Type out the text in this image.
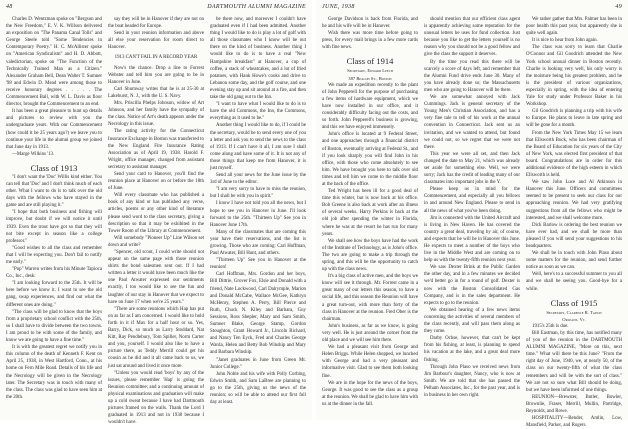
48	DARTMOUTH ALUMNI MAGAZINE

Charles D. Wentzman spoke on "Bergson and the New Freedom," E. V. K. Willson delivered an exposition on "The Panama Canal Tolls" and George Steele told "Some Tendencies in Contemporary Poetry." H. C. McAllister spoke on "American Syndicalism" and H. D. Abbott, valedictorian, spoke on "The Function of the Technically Trained Man as a Citizen." Alexander Graham Bell, Dean Walter T. Sumner '98 and Edwin D. Mead were among those to receive honorary degrees . . . . . The Commencement Ball, with W. L. Davis as floor director, brought the Commencement to an end.

It has been a great pleasure to hunt up details and pictures to review with you the undergraduate years. With our Commencement (how could it be 25 years ago?) we leave you to continue your life in the alumni group we joined that June day in 1913.

—Marge Wilkins '13.

Class of 1913

"I don't want the 'Doc' Willis kind either. You can tell that 'Doc' and I don't think much of each other. What I want to do is to talk over the old days with the fellows who have stayed in the game and are still playing it."

"I hope that both business and fishing will improve, but doubt if we will notice it until 1939. Even the trout have got so that they will not bite except in season like a college professor."

"Good wishes to all the class and remember that I will be expecting you. Don't fail to notify me early."

"Pop" Warren writes from his Minute Tapioca Co., Inc., desk:

"I am looking forward to the 25th. It will be here before we know it. I want to see the old gang, swap experiences, and find out what the different ones are doing."

"The class will be glad to know that the boys from a proprietary school conflict with the 25th, so I shall have to divide between the two towns. I am proud to be with some of the family, and know we are going to have a fine time."

It is with the greatest regret we notify you in this column of the death of Kenneth F. Kent on April 25, 1938, in West Hartford, Conn., at his home on Fern Mile Road. Details of his life and the Necrology will be given in the Necrology later. The Secretary was in touch with many of the class. The class was glad to have seen him at the 20th.

say they will be in Hanover if they are not on the boat headed for Europe.

Send in your reunion information and above all else your reservation for room direct to Hanover.

1913 CAN'T FAIL IN A RECORD YEAR

Now's the chance. Drop a line to Forrest Webster and tell him you are going to be in Hanover in June.

Carl Shumway writes that he is at 25-30 at Lakehurst, N. J., with the U. S. Navy.

Mrs. Priscilla Phelps Johnson, widow of Art Johnson, and her family have the sympathy of the class. Notice of Art's death appears under the Necrology in this issue.

The rating activity for the Connecticut Insurance Exchange in Boston was transferred to the New England Fire Insurance Rating Association as of April 19, 1938. Harold F. Wright, office manager, changed from assistant secretary to assistant manager.

Send your card to Hanover, you'll find the reunion place at Hanover on or before the 18th of June.

Will every classmate who has published a book of any kind or has published any verse, articles, poems or any other kind of literature please send word to the class secretary, giving a description so that it may be exhibited in the Tower Room of the Library at Commencement.

Will somebody "Pioneer Up" Line Wilson set down and write?

"Spencer, old scout, I could write should not appear on the same page with those reunion shirts the bond salesmen sent out. If I had written a letter it would have been much like the one Paul Atwater expressed our sentiments exactly, I too would like to see the fun and laughter of our stay in Hanover that we expect to have on June 17 when we're 25 years."

"There are some reunions which Hap has put on as far as I am concerned. I would like to hold forth in it if Max for a half hour or so. Yes, Barry, Dick, so much as Larry Stoddard, Nat Kitt, Ray Pendlebury, Tom Spiller, Norm Carter and you, yourself. I would also like to have a picture there, as Teddy Merrill could get his cousin as he did and it all came back to us, we just sat around and lived it once more.

"Unless you would read 'boys' by any of the issues, please remember 'Hap' is going the Reunion committee; and a continuing amount of physical examinations and graduation will make up a cold sweat because I have had Dartmouth pictures framed on the walls. Thank the Lord I graduated in 1913 and not in 1938 because I wouldn't have.

be there now, and moreover I couldn't have graduated even if I had been admitted. Another thing I would like to do is play a lot of golf with all those classmates who I know will be out there on the kind of business. Another thing I would like to do is to have a real "New Hampshire breakfast" at Hanover, a cup of coffee, a stack of wheatcakes, and a lot of fried potatoes, with Hank Howe's cooks and drive to Lebanon some day, and the golf course, and one evening stay up and sit around at a fire, and then take the old gang out to the Inn.

"I want to have what I would like to do is to have the old Commons, the Inn, the Commons, everything as it used to be."

Another thing I would like to do, if I could be the secretary, would be to send every one of you a letter and ask you to send the news to the class of 1913. If I can't have it all, I am sure I shall come along and have some of it. It is not any of those things that keep me from Hanover, it is just myself.

Send all your news for the June issue by the 3rd of June to the editor.

"I am very sorry to have to miss the reunion, but I shall be with you in spirit."

I know I have not told you all the news, but I hope to see you in Hanover in June. I'll look forward to the 25th. "Thirteen Up" See you in Hanover June 17th.

Many of the classmates that are coming this year have their reservations, and the list is growing. Those who are coming: Carl Hoffman, Paul Atwater, Bill Hunt, and others.

"Thirteen Up" See you in Hanover at the reunion!

Carl Hoffman, Mrs. Gordon and her boys, Bill Dittrie, Grover Fox, Elsie and Donald with a friend, Nate Lockwood, Carl Dalrymple, Marion and Donald McCabe, Wallace McGee, Kathryn McHenry, Stephen A. Perry, Bill Pierce and Ruth, Chuck N. Kiley and Barbara, Guy Sessions, Ross Shepler, Mary and Sam Smith, Sumner Blake, George Stamp, Gordon Stoughton, Grant Howard Jr., Lincoln Richard, and Nancy Ten Eyck, Fred and Charles George Warda, Helen and Betty Bob Winship and Mary and Barbara Winship.

"Janet graduates in June from Green Mt. Junior College."

John Noble and his wife with Polly Corbing, Edwin Smith, and Sam LaBree are planning to go to the 25th, giving us the news of the reunion; so will be able to attend our first full day at least.

JUNE, 1938	49

George Davidson is back from Florida, and he and his wife will be in Hanover.

Wish there was more time before going to press, for every mail brings in a few more cards with fine news.

Class of 1914
Secretary, Edward Leech
387 Beacon St., Boston

We made an expedition recently to the plant of John Pepperell for the purpose of purchasing a few items of hardware equipment, which we have now installed in our office, and it considerably difficulty facing out the costs, and so forth. John Pepperell's business is growing, and this we have enjoyed immensely.

John's office is located at 9 Federal Street, and one approaches through a financial district of Boston, eventually arriving at Federal St., and if you look sharply you will find John in his office, with those who come absolutely to see him. We have brought you here to talk over old times and tell him we come to the middle floor at the back of the office.

Ted Wright has been ill for a good deal of time this winter, but is now back at his office. Bob Greene is also back at work after an illness of several weeks. Harry Perkins is back at the old job after spending the winter in Florida, where he was at the resort he has run for many years.

We shall see how the boys have had the work of the Institute of Technology, as is John's office. The two are going to make a trip through the spring, and this will be the opportunity to catch up with the class news.

It's a big class of active men, and the boys we know will see it through. Mr. Forrest came in a great many of our letters this season, to have a social life, and this season the Reunion will have a great turn-out, with more than forty of the class in Hanover at the reunion. Fred Ober is the chairman.

John's business, as far as we know, is going very well. He is just around the corner from the old place and we will see him there.

We had a pleasant visit from George and Helen Briggs. While Helen shopped, we lunched with George and had a very pleasant and informative visit. Glad to see them both looking fine.

We are in the hope for the news of the boys, George. It was good to see the class as a group at the reunion. We shall be glad to have him with us at the dinner in the fall.

should mention that our efficient class agent is apparently achieving some reputation for the unusual letters he uses for fund collection. Just because you like to get the letters yourself is no reason why you should not be a good fellow and give the class the support it deserves.

By the time you read this there will be scarcely a score of days left, and remember that the Alumni Fund drive ends June 30. Many of you have already done so; the Massachusetts men who are going to Hanover will be there.

We are somewhat annoyed with Jack Cummings. Jack is general secretary of the Young Men's Christian Association, and has a very fine tale to tell of his work at the annual convention in Connecticut. Jack sent us an invitation, and we wanted to attend, but found we could not, so we regret that we were not there.

This year we were all set, and then Jack changed the date to May 21, which was already set aside for something else. Well, we were sorry; Jack has the credit of leading many of our classmates into important jobs in the Y.

Please keep us in mind for the Commencement, and especially all you fellows in and around New England. Please to send in all the news of what you've been doing.

Jim is connected with the United Aircraft and is living in New Haven. He has covered the country a great deal, traveling by air, of course, and expects that he will be in Hanover this June. He expects to meet a number of the boys who live in the Middle West and are coming on to help us with the twenty-fifth reunion next year.

We saw Dexter Brink at the Public Garden the other day, and in a few minutes we decided we'd better go in for a round of golf. Dexter is now with the Boston Consolidated Gas Company, and is in the sales department. He expects to go to the reunion.

We obtained hearing of a few news items concerning the activities of several members of the class recently, and will pass them along as they come.

Darby Ochse, however, that can't be kept from his fishing, at least, is planning to spend his vacation at the lake, and a great deal more fishing.

Through John Plaso we received news from Jim Barbour's daughter, Nancy, who is now at Smith. We are told that she has passed the Pelham Associates, Inc., for the past year, and is in business in her own right.

We rather gather that Mrs. Palmer has been in poor health this past year, but apparently she is quite well again.

It is nice to hear from John again.

The class was sorry to learn that Charlie O'Connor and Gil Goodrich attended the New York school annual dinner in Boston recently. Charlie is looking very well, his only worry is the moisture being his greatest problem, and he is the president of various organizations, especially in spring, with the idea of entering Yale for study under Professor Baker in his Workshop.

Gil Goodrich is planning a trip with his wife to Europe. He plans to leave in late spring and will be gone for a month.

From the New York Times May 15 we learn that Ellsworth Buck, who has been chairman of the Board of Education for six years of the City of New York, was elected first president of that board. Congratulations are in order for this additional evidence of the high esteem in which Ellsworth is held.

We saw John Luce and Al Atkinson in Hanover this June. Officers and committees seemed to be present to seek our class for our approaching reunion. We had very gratifying suggestions from all the fellows who might be interested, and we shall welcome more.

Dick Barlow is ordering the best reunion we have ever had, and we shall be more than pleased if you will send your suggestions to his headquarters.

We shall be in touch with John Plaso about some matters for the reunion, and send further notice as soon as we can.

Well, here's to a successful summer to you all and we shall be seeing you. Good-bye for a while.

Class of 1915
Secretary, Clarence R. Taplin
Orleans, Vt.

1915's 25th is due.

Bill Eastman, by this time, has notified many of you of the reunion in the DARTMOUTH ALUMNI MAGAZINE, "More on this, next time." What will there be this June? "From the right day of June, 1940, we, at nearly 50, of the class on our twenty-fifth of what the class remembers and will be with the sort of class." We are not so sure what Bill should be doing, but we have been informed of one things.

REUNION—Brewster, Butler, Bowler, Brownlie, Fraser, Merrill, Mullin, Partridge, Reynolds, and Rowe.

HOSPITALITY—Bender, Amlin, Low, Mansfield, Parker, and Rogers.
